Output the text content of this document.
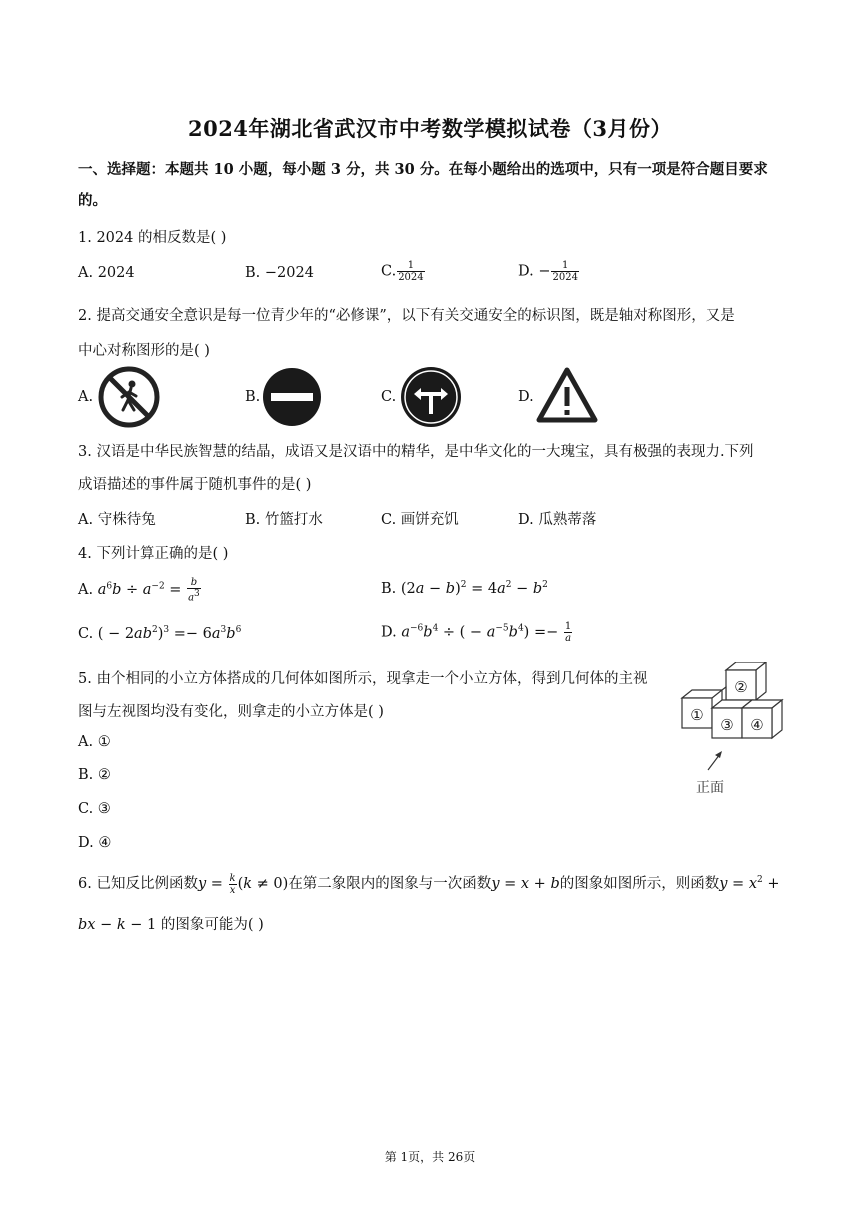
2024年湖北省武汉市中考数学模拟试卷（3月份）
一、选择题：本题共 10 小题，每小题 3 分，共 30 分。在每小题给出的选项中，只有一项是符合题目要求
的。
1. 2024 的相反数是( )
A. 2024	B. −2024	C. $\frac{1}{2024}$	D. − $\frac{1}{2024}$
2. 提高交通安全意识是每一位青少年的“必修课”，以下有关交通安全的标识图，既是轴对称图形，又是
中心对称图形的是( )
A.	B.	C.	D.
3. 汉语是中华民族智慧的结晶，成语又是汉语中的精华，是中华文化的一大瑰宝，具有极强的表现力.下列
成语描述的事件属于随机事件的是( )
A. 守株待兔	B. 竹篮打水	C. 画饼充饥	D. 瓜熟蒂落
4. 下列计算正确的是( )
A. $a^6b \div a^{-2} = \frac{b}{a^3}$	B. $(2a - b)^2 = 4a^2 - b^2$
C. ( − $2ab^2)^3 =- 6a^3b^6$	D. $a^{-6}b^4$ ÷ ( − $a^{-5}b^4) =- \frac{1}{a}$
5. 由个相同的小立方体搭成的几何体如图所示，现拿走一个小立方体，得到几何体的主视
图与左视图均没有变化，则拿走的小立方体是( )
A. ①
B. ②
C. ③
D. ④
②
①
③ ④
正面
6. 已知反比例函数$y = \frac{k}{x} (k \ne 0)$在第二象限内的图象与一次函数y = x + b的图象如图所示，则函数$y = x^2$ +
bx − k − 1 的图象可能为( )
第 1页，共 26页
